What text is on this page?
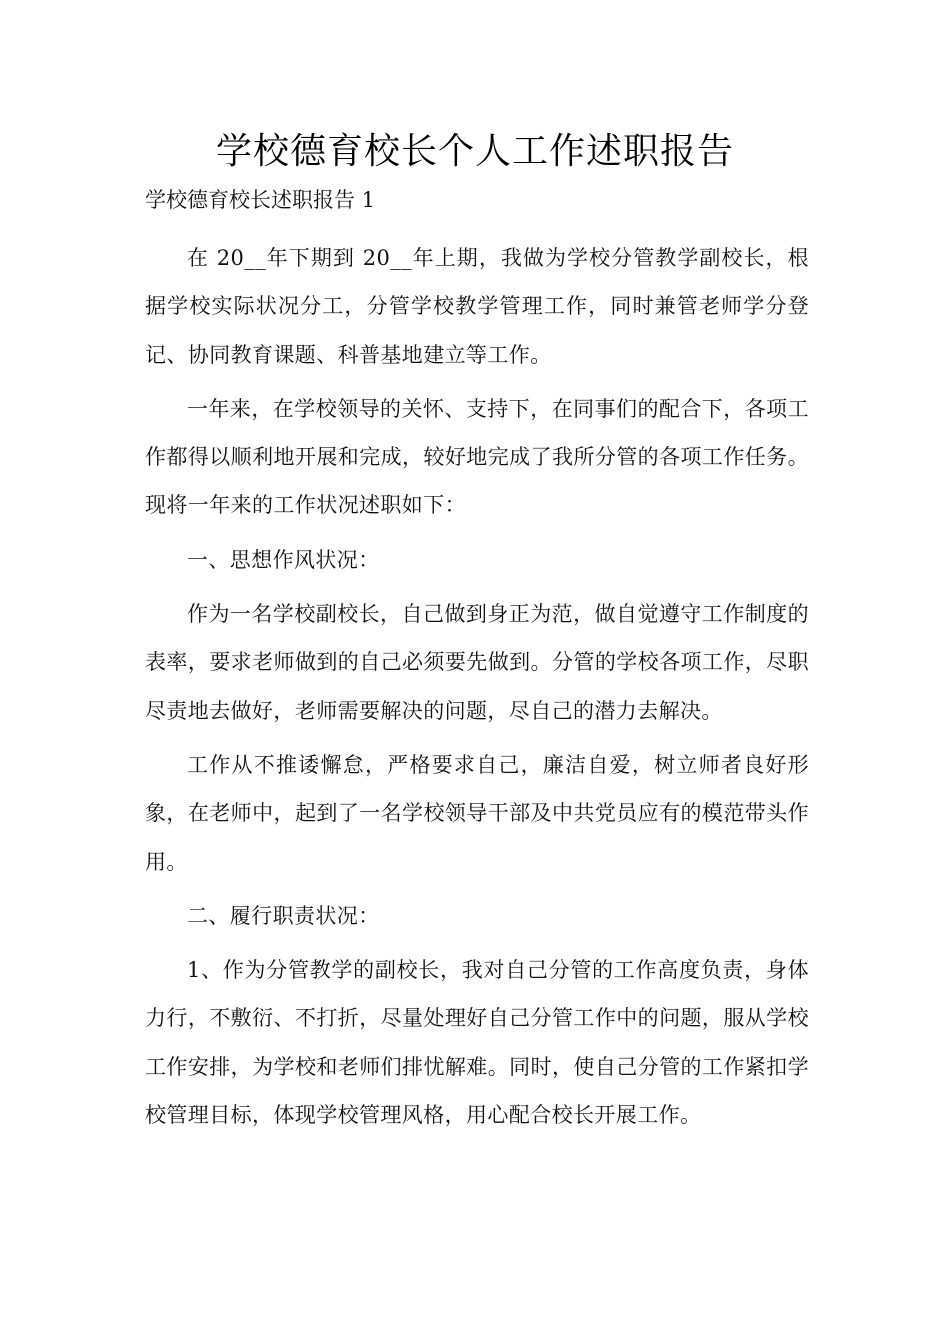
学校德育校长个人工作述职报告

学校德育校长述职报告 1

在 20__年下期到 20__年上期，我做为学校分管教学副校长，根据学校实际状况分工，分管学校教学管理工作，同时兼管老师学分登记、协同教育课题、科普基地建立等工作。

一年来，在学校领导的关怀、支持下，在同事们的配合下，各项工作都得以顺利地开展和完成，较好地完成了我所分管的各项工作任务。现将一年来的工作状况述职如下：

一、思想作风状况：

作为一名学校副校长，自己做到身正为范，做自觉遵守工作制度的表率，要求老师做到的自己必须要先做到。分管的学校各项工作，尽职尽责地去做好，老师需要解决的问题，尽自己的潜力去解决。

工作从不推诿懈怠，严格要求自己，廉洁自爱，树立师者良好形象，在老师中，起到了一名学校领导干部及中共党员应有的模范带头作用。

二、履行职责状况：

1、作为分管教学的副校长，我对自己分管的工作高度负责，身体力行，不敷衍、不打折，尽量处理好自己分管工作中的问题，服从学校工作安排，为学校和老师们排忧解难。同时，使自己分管的工作紧扣学校管理目标，体现学校管理风格，用心配合校长开展工作。
